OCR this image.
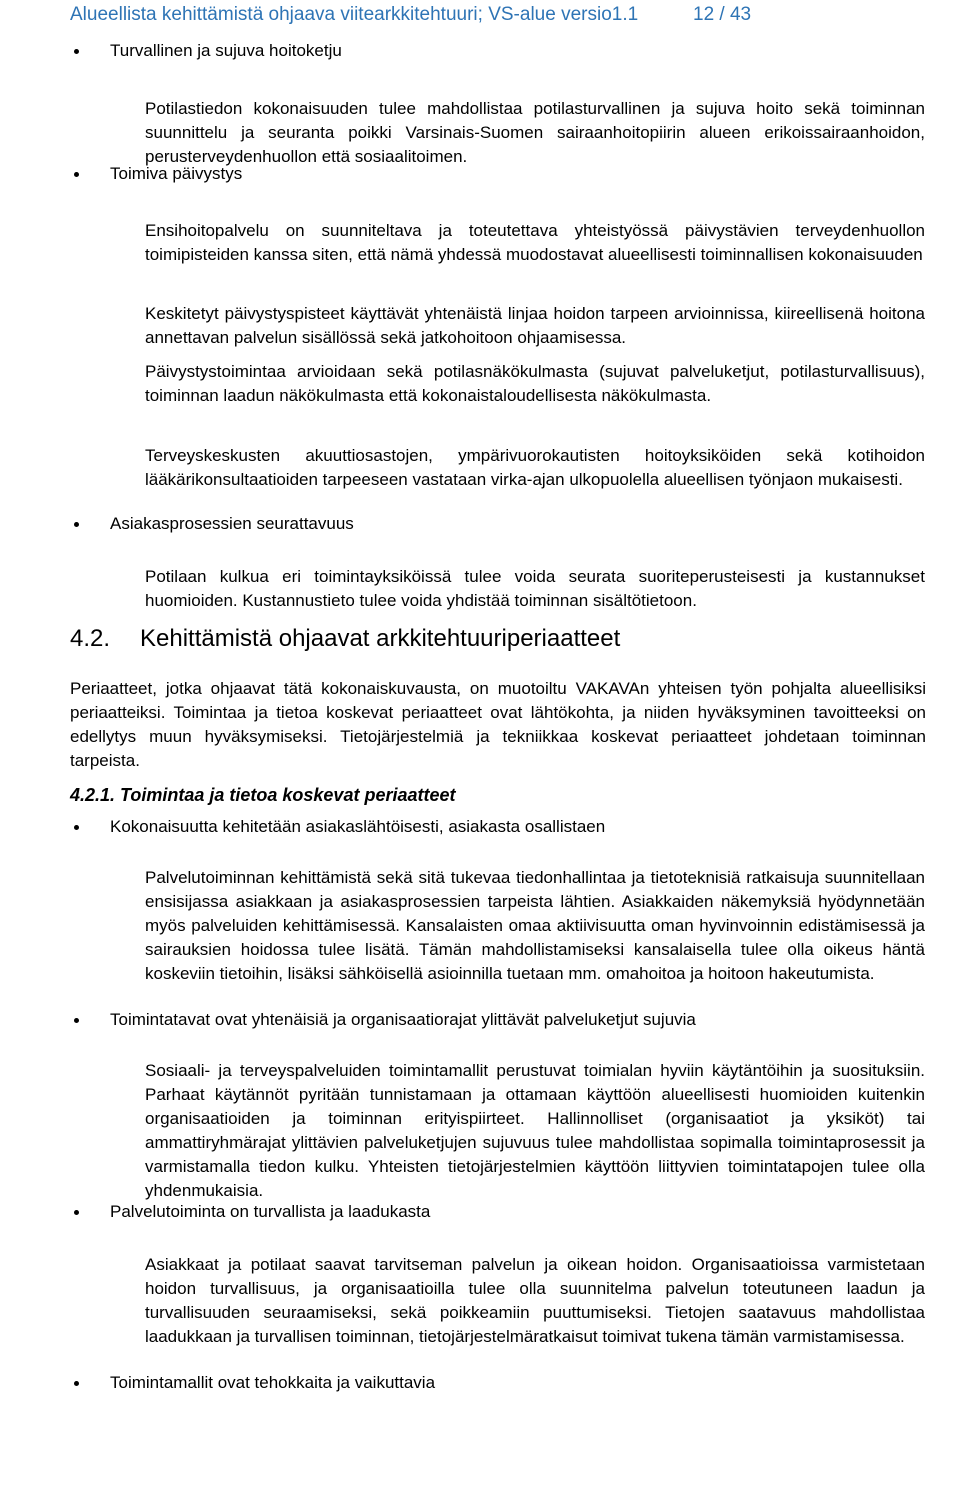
Alueellista kehittämistä ohjaava viitearkkitehtuuri; VS-alue versio1.1	12 / 43
Turvallinen ja sujuva hoitoketju

Potilastiedon kokonaisuuden tulee mahdollistaa potilasturvallinen ja sujuva hoito sekä toiminnan suunnittelu ja seuranta poikki Varsinais-Suomen sairaanhoitopiirin alueen erikoissairaanhoidon, perusterveydenhuollon että sosiaalitoimen.

Toimiva päivystys

Ensihoitopalvelu on suunniteltava ja toteutettava yhteistyössä päivystävien terveydenhuollon toimipisteiden kanssa siten, että nämä yhdessä muodostavat alueellisesti toiminnallisen kokonaisuuden

Keskitetyt päivystyspisteet käyttävät yhtenäistä linjaa hoidon tarpeen arvioinnissa, kiireellisenä hoitona annettavan palvelun sisällössä sekä jatkohoitoon ohjaamisessa.

Päivystystoimintaa arvioidaan sekä potilasnäkökulmasta (sujuvat palveluketjut, potilasturvallisuus), toiminnan laadun näkökulmasta että kokonaistaloudellisesta näkökulmasta.

Terveyskeskusten akuuttiosastojen, ympärivuorokautisten hoitoyksiköiden sekä kotihoidon lääkärikonsultaatioiden tarpeeseen vastataan virka-ajan ulkopuolella alueellisen työnjaon mukaisesti.

Asiakasprosessien seurattavuus

Potilaan kulkua eri toimintayksiköissä tulee voida seurata suoriteperusteisesti ja kustannukset huomioiden. Kustannustieto tulee voida yhdistää toiminnan sisältötietoon.

4.2. Kehittämistä ohjaavat arkkitehtuuriperiaatteet

Periaatteet, jotka ohjaavat tätä kokonaiskuvausta, on muotoiltu VAKAVAn yhteisen työn pohjalta alueellisiksi periaatteiksi. Toimintaa ja tietoa koskevat periaatteet ovat lähtökohta, ja niiden hyväksyminen tavoitteeksi on edellytys muun hyväksymiseksi. Tietojärjestelmiä ja tekniikkaa koskevat periaatteet johdetaan toiminnan tarpeista.

4.2.1. Toimintaa ja tietoa koskevat periaatteet
Kokonaisuutta kehitetään asiakaslähtöisesti, asiakasta osallistaen

Palvelutoiminnan kehittämistä sekä sitä tukevaa tiedonhallintaa ja tietoteknisiä ratkaisuja suunnitellaan ensisijassa asiakkaan ja asiakasprosessien tarpeista lähtien. Asiakkaiden näkemyksiä hyödynnetään myös palveluiden kehittämisessä. Kansalaisten omaa aktiivisuutta oman hyvinvoinnin edistämisessä ja sairauksien hoidossa tulee lisätä. Tämän mahdollistamiseksi kansalaisella tulee olla oikeus häntä koskeviin tietoihin, lisäksi sähköisellä asioinnilla tuetaan mm. omahoitoa ja hoitoon hakeutumista.

Toimintatavat ovat yhtenäisiä ja organisaatiorajat ylittävät palveluketjut sujuvia

Sosiaali- ja terveyspalveluiden toimintamallit perustuvat toimialan hyviin käytäntöihin ja suosituksiin. Parhaat käytännöt pyritään tunnistamaan ja ottamaan käyttöön alueellisesti huomioiden kuitenkin organisaatioiden ja toiminnan erityispiirteet. Hallinnolliset (organisaatiot ja yksiköt) tai ammattiryhmärajat ylittävien palveluketjujen sujuvuus tulee mahdollistaa sopimalla toimintaprosessit ja varmistamalla tiedon kulku. Yhteisten tietojärjestelmien käyttöön liittyvien toimintatapojen tulee olla yhdenmukaisia.

Palvelutoiminta on turvallista ja laadukasta

Asiakkaat ja potilaat saavat tarvitseman palvelun ja oikean hoidon. Organisaatioissa varmistetaan hoidon turvallisuus, ja organisaatioilla tulee olla suunnitelma palvelun toteutuneen laadun ja turvallisuuden seuraamiseksi, sekä poikkeamiin puuttumiseksi. Tietojen saatavuus mahdollistaa laadukkaan ja turvallisen toiminnan, tietojärjestelmäratkaisut toimivat tukena tämän varmistamisessa.

Toimintamallit ovat tehokkaita ja vaikuttavia
